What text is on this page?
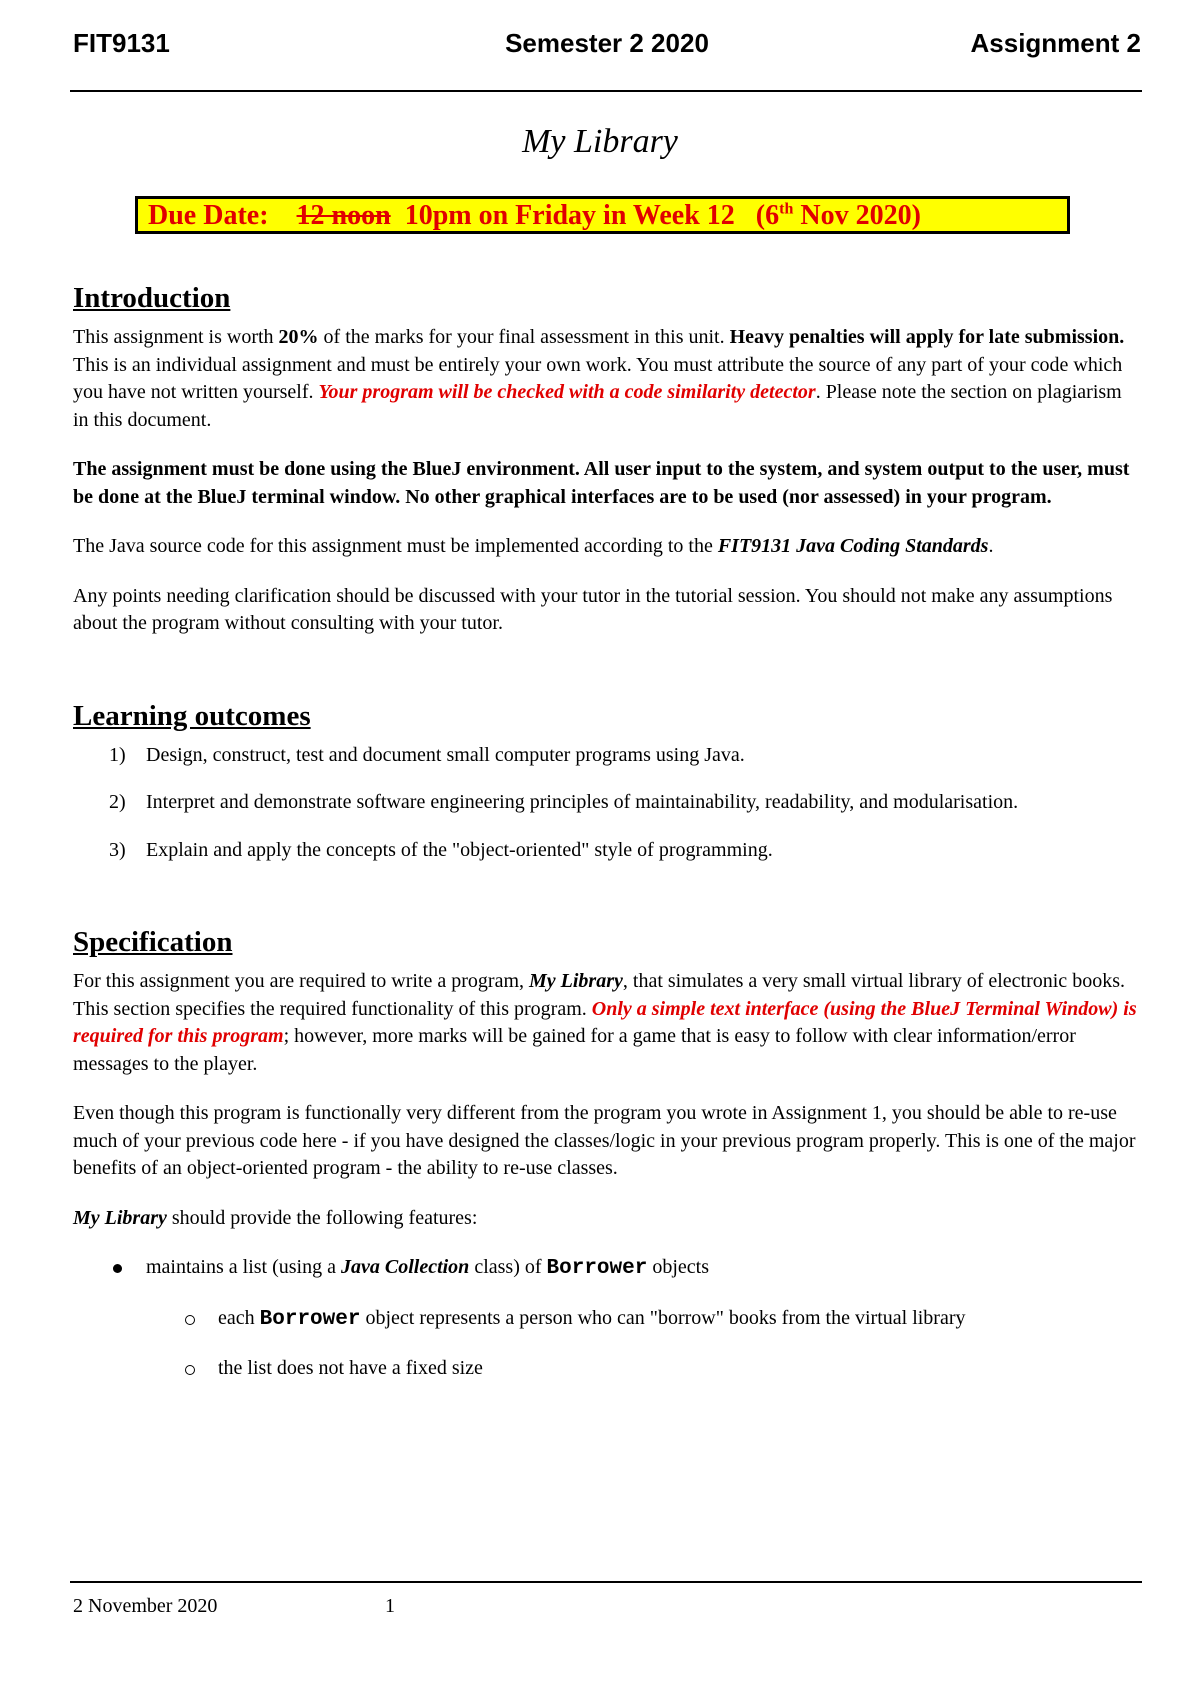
FIT9131	Semester 2 2020	Assignment 2
My Library
Due Date: 12 noon 10pm on Friday in Week 12 (6th Nov 2020)
Introduction

This assignment is worth 20% of the marks for your final assessment in this unit. Heavy penalties will apply for late submission. This is an individual assignment and must be entirely your own work. You must attribute the source of any part of your code which you have not written yourself. Your program will be checked with a code similarity detector. Please note the section on plagiarism in this document.

The assignment must be done using the BlueJ environment. All user input to the system, and system output to the user, must be done at the BlueJ terminal window. No other graphical interfaces are to be used (nor assessed) in your program.

The Java source code for this assignment must be implemented according to the FIT9131 Java Coding Standards.

Any points needing clarification should be discussed with your tutor in the tutorial session. You should not make any assumptions about the program without consulting with your tutor.

Learning outcomes
1) Design, construct, test and document small computer programs using Java.
2) Interpret and demonstrate software engineering principles of maintainability, readability, and modularisation.
3) Explain and apply the concepts of the "object-oriented" style of programming.
Specification

For this assignment you are required to write a program, My Library, that simulates a very small virtual library of electronic books. This section specifies the required functionality of this program. Only a simple text interface (using the BlueJ Terminal Window) is required for this program; however, more marks will be gained for a game that is easy to follow with clear information/error messages to the player.

Even though this program is functionally very different from the program you wrote in Assignment 1, you should be able to re-use much of your previous code here - if you have designed the classes/logic in your previous program properly. This is one of the major benefits of an object-oriented program - the ability to re-use classes.

My Library should provide the following features:

maintains a list (using a Java Collection class) of Borrower objects
each Borrower object represents a person who can "borrow" books from the virtual library
the list does not have a fixed size
2 November 2020	1
